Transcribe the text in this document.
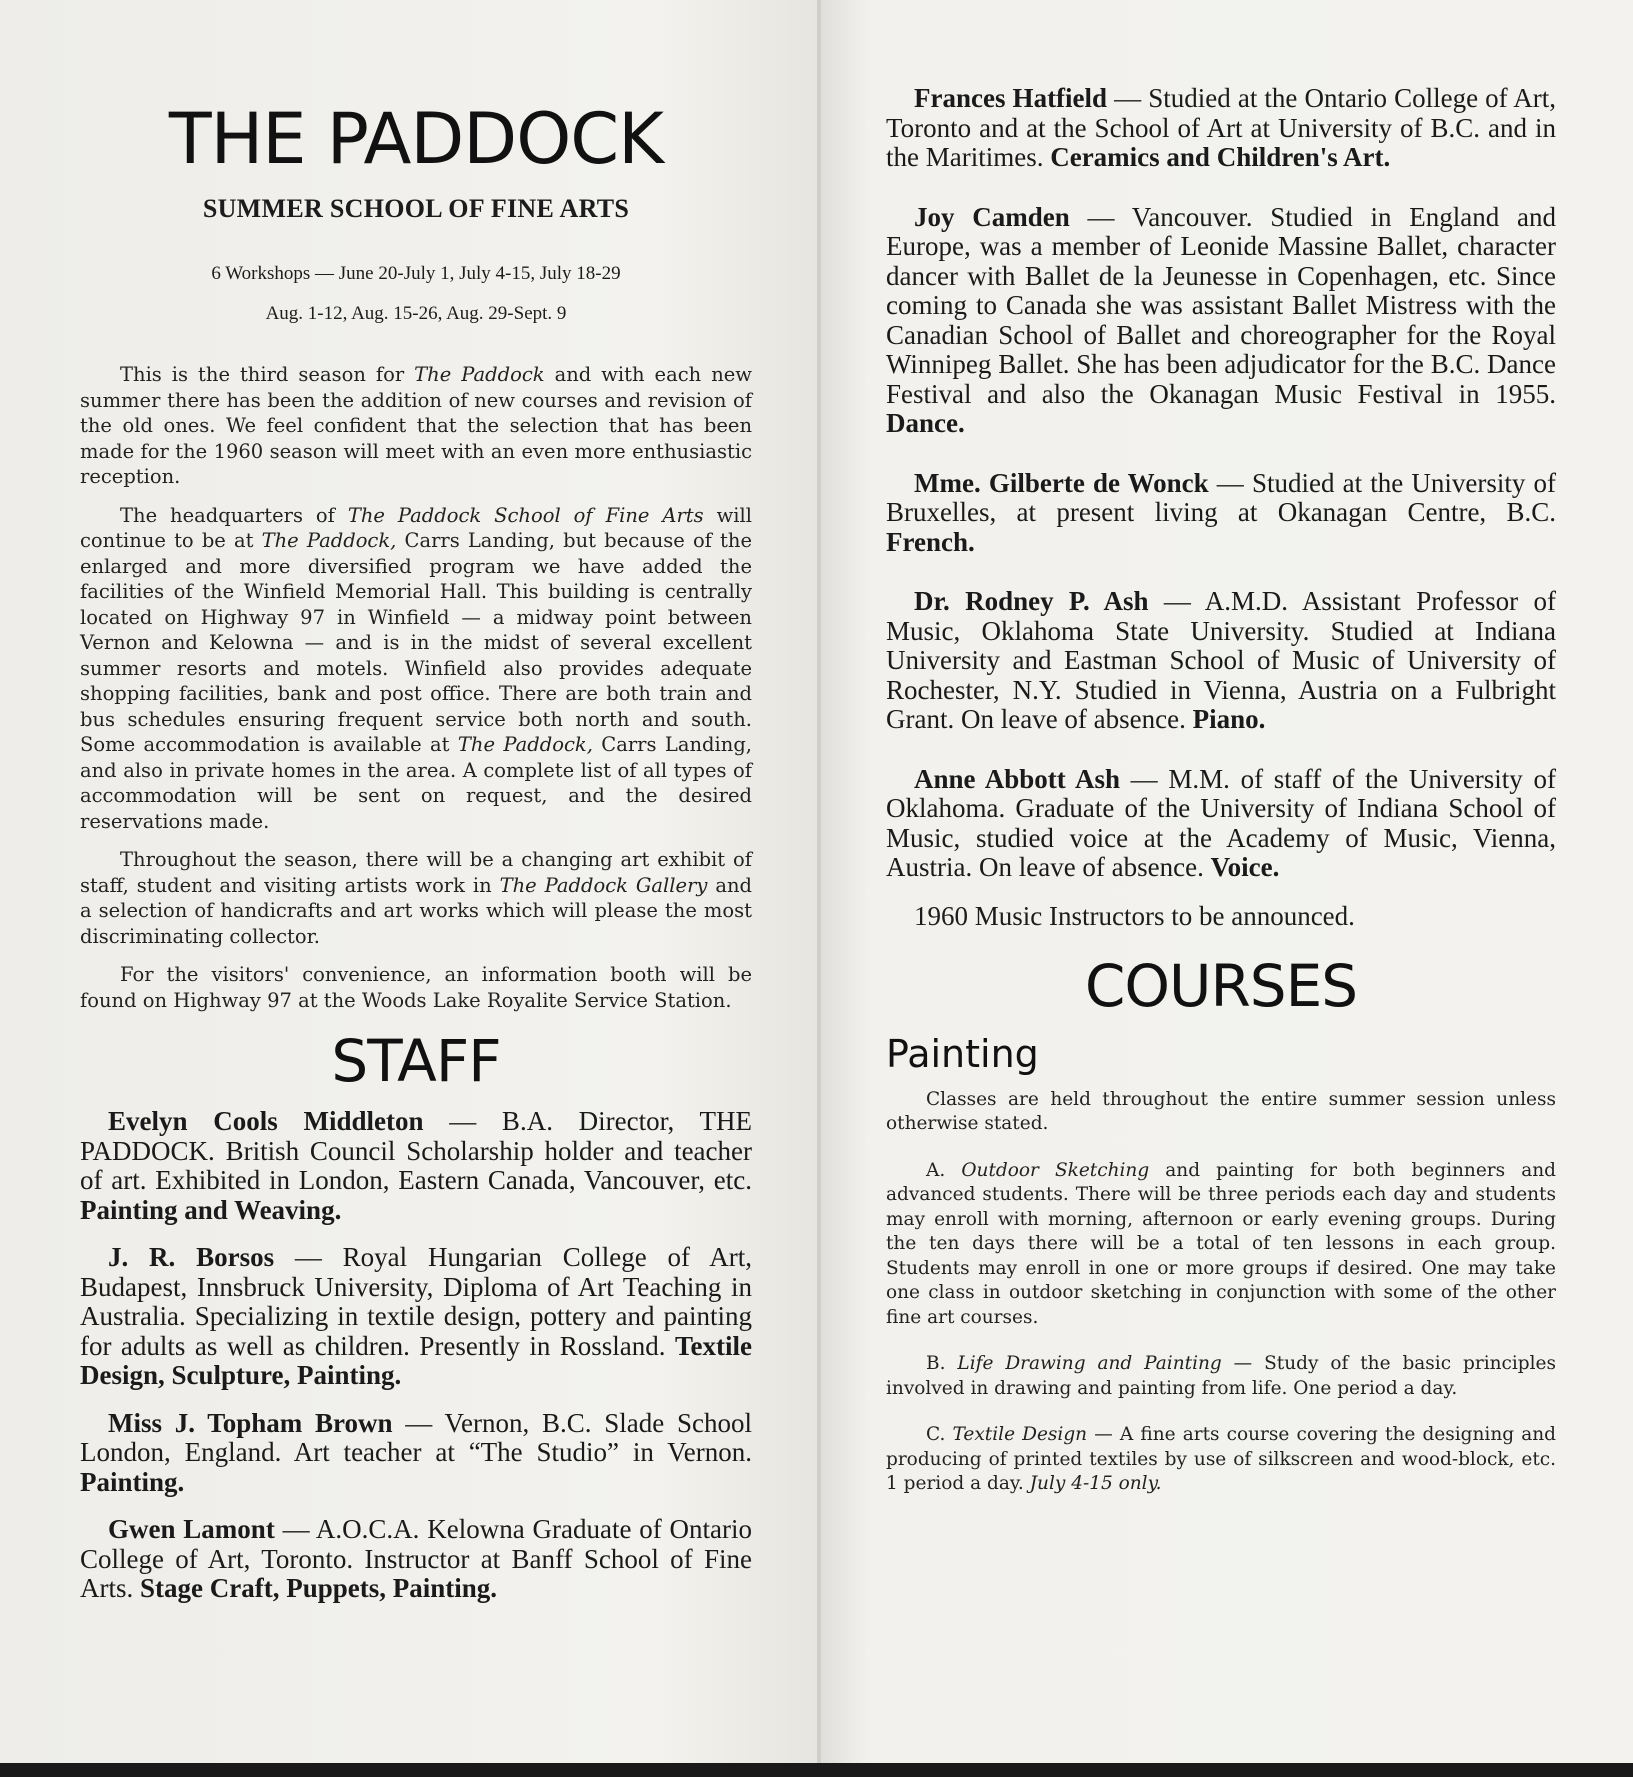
THE PADDOCK
SUMMER SCHOOL OF FINE ARTS
6 Workshops — June 20-July 1, July 4-15, July 18-29
Aug. 1-12, Aug. 15-26, Aug. 29-Sept. 9

This is the third season for The Paddock and with each new summer there has been the addition of new courses and revision of the old ones. We feel confident that the selection that has been made for the 1960 season will meet with an even more enthusiastic reception.

The headquarters of The Paddock School of Fine Arts will continue to be at The Paddock, Carrs Landing, but because of the enlarged and more diversified program we have added the facilities of the Winfield Memorial Hall. This building is centrally located on Highway 97 in Winfield — a midway point between Vernon and Kelowna — and is in the midst of several excellent summer resorts and motels. Winfield also provides adequate shopping facilities, bank and post office. There are both train and bus schedules ensuring frequent service both north and south. Some accommodation is available at The Paddock, Carrs Landing, and also in private homes in the area. A complete list of all types of accommodation will be sent on request, and the desired reservations made.

Throughout the season, there will be a changing art exhibit of staff, student and visiting artists work in The Paddock Gallery and a selection of handicrafts and art works which will please the most discriminating collector.

For the visitors' convenience, an information booth will be found on Highway 97 at the Woods Lake Royalite Service Station.

STAFF

Evelyn Cools Middleton — B.A. Director, THE PADDOCK. British Council Scholarship holder and teacher of art. Exhibited in London, Eastern Canada, Vancouver, etc. Painting and Weaving.

J. R. Borsos — Royal Hungarian College of Art, Budapest, Innsbruck University, Diploma of Art Teaching in Australia. Specializing in textile design, pottery and painting for adults as well as children. Presently in Rossland. Textile Design, Sculpture, Painting.

Miss J. Topham Brown — Vernon, B.C. Slade School London, England. Art teacher at “The Studio” in Vernon. Painting.

Gwen Lamont — A.O.C.A. Kelowna Graduate of Ontario College of Art, Toronto. Instructor at Banff School of Fine Arts. Stage Craft, Puppets, Painting.

Frances Hatfield — Studied at the Ontario College of Art, Toronto and at the School of Art at University of B.C. and in the Maritimes. Ceramics and Children's Art.

Joy Camden — Vancouver. Studied in England and Europe, was a member of Leonide Massine Ballet, character dancer with Ballet de la Jeunesse in Copenhagen, etc. Since coming to Canada she was assistant Ballet Mistress with the Canadian School of Ballet and choreographer for the Royal Winnipeg Ballet. She has been adjudicator for the B.C. Dance Festival and also the Okanagan Music Festival in 1955. Dance.

Mme. Gilberte de Wonck — Studied at the University of Bruxelles, at present living at Okanagan Centre, B.C. French.

Dr. Rodney P. Ash — A.M.D. Assistant Professor of Music, Oklahoma State University. Studied at Indiana University and Eastman School of Music of University of Rochester, N.Y. Studied in Vienna, Austria on a Fulbright Grant. On leave of absence. Piano.

Anne Abbott Ash — M.M. of staff of the University of Oklahoma. Graduate of the University of Indiana School of Music, studied voice at the Academy of Music, Vienna, Austria. On leave of absence. Voice.

1960 Music Instructors to be announced.

COURSES
Painting

Classes are held throughout the entire summer session unless otherwise stated.

A. Outdoor Sketching and painting for both beginners and advanced students. There will be three periods each day and students may enroll with morning, afternoon or early evening groups. During the ten days there will be a total of ten lessons in each group. Students may enroll in one or more groups if desired. One may take one class in outdoor sketching in conjunction with some of the other fine art courses.

B. Life Drawing and Painting — Study of the basic principles involved in drawing and painting from life. One period a day.

C. Textile Design — A fine arts course covering the designing and producing of printed textiles by use of silkscreen and wood-block, etc. 1 period a day. July 4-15 only.
